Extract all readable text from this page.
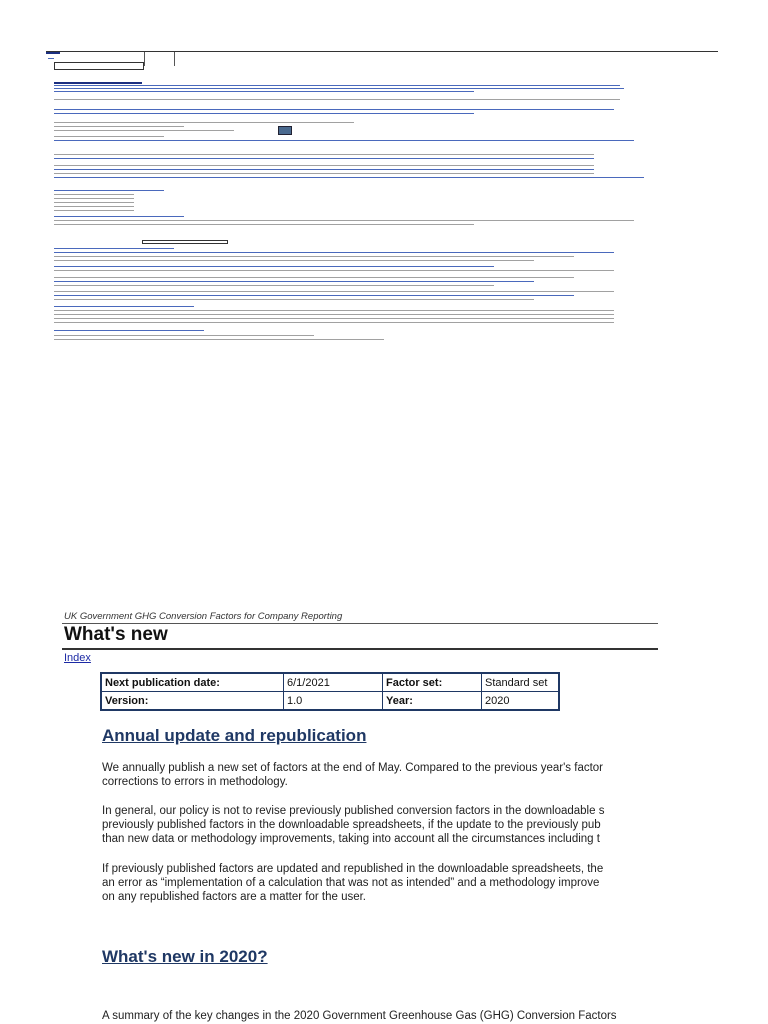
UK Government GHG Conversion Factors for Company Reporting
What's new
Index
Next publication date:	6/1/2021	Factor set:	Standard set
Version:	1.0	Year:	2020
Annual update and republication
We annually publish a new set of factors at the end of May. Compared to the previous year's factor
corrections to errors in methodology.
In general, our policy is not to revise previously published conversion factors in the downloadable s
previously published factors in the downloadable spreadsheets, if the update to the previously pub
than new data or methodology improvements, taking into account all the circumstances including t
If previously published factors are updated and republished in the downloadable spreadsheets, the
an error as “implementation of a calculation that was not as intended” and a methodology improve
on any republished factors are a matter for the user.
What's new in 2020?
A summary of the key changes in the 2020 Government Greenhouse Gas (GHG) Conversion Factors
